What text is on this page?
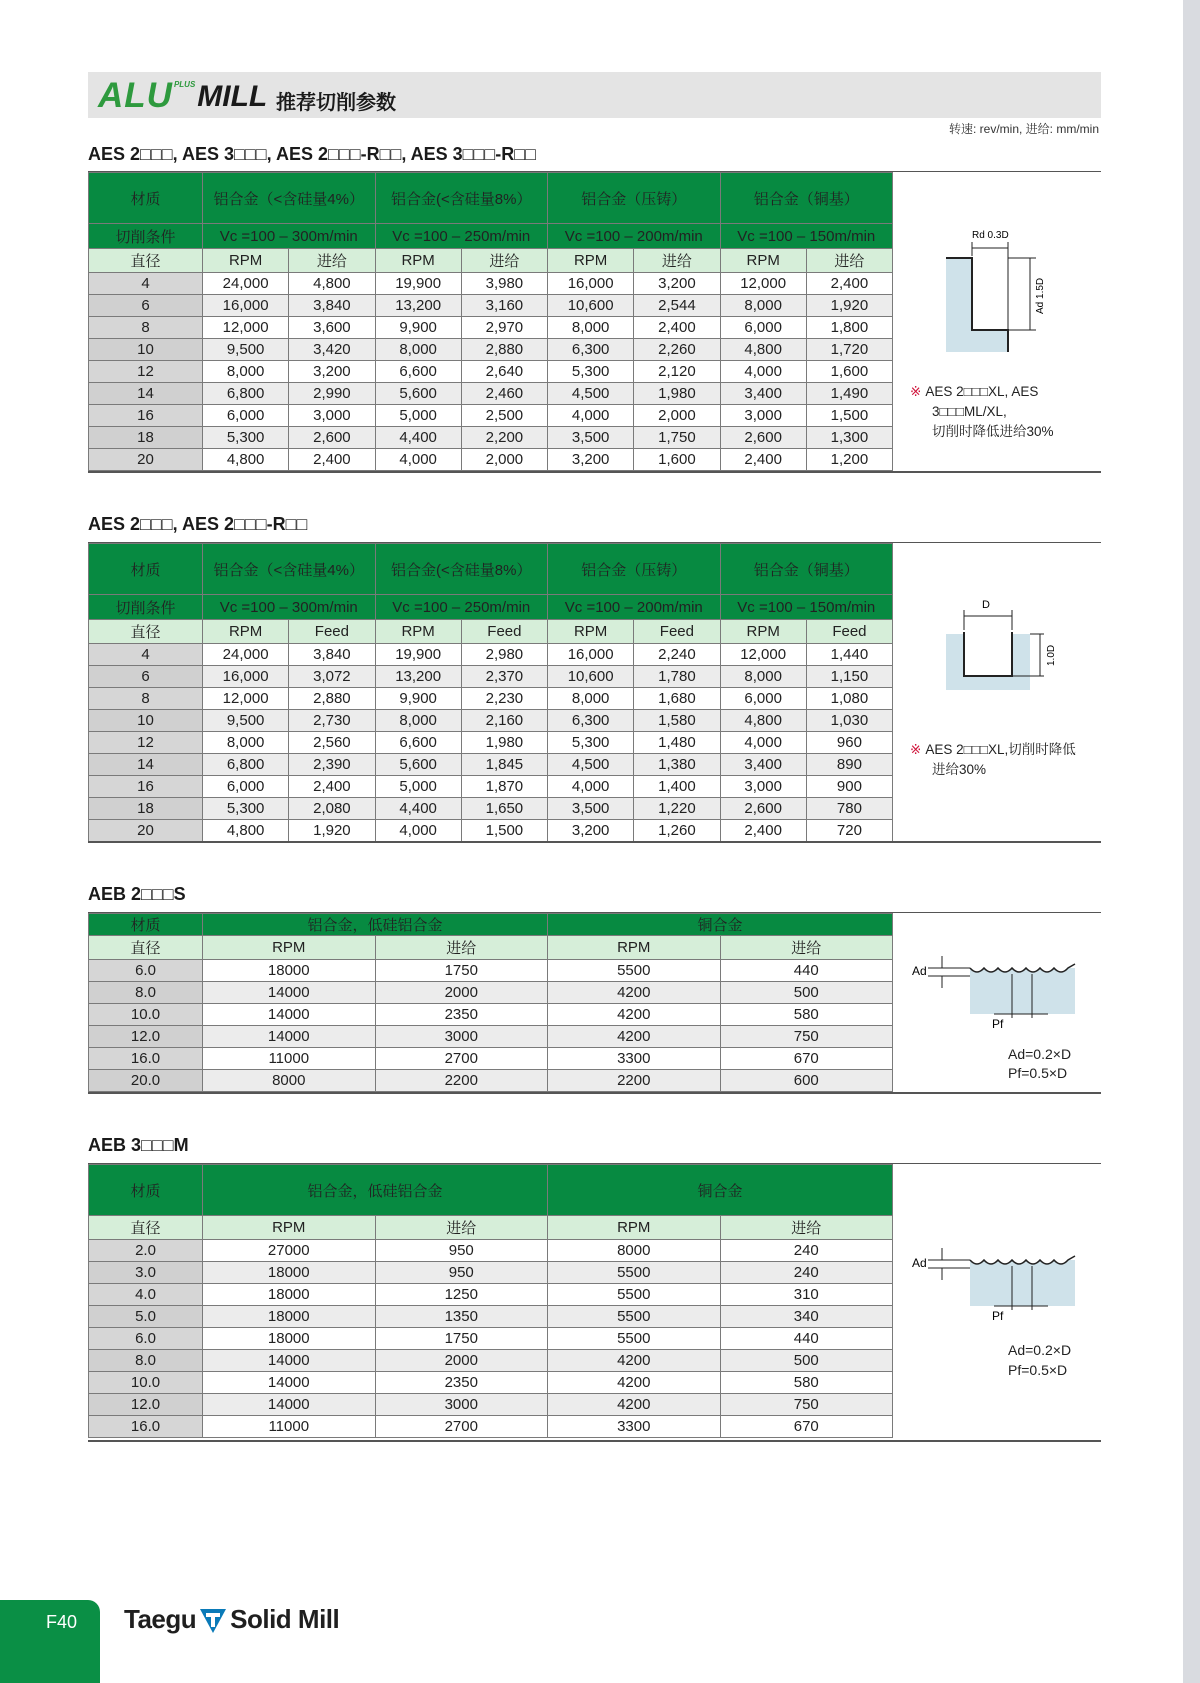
ALU PLUS MILL 推荐切削参数
转速: rev/min, 进给: mm/min
AES 2□□□, AES 3□□□, AES 2□□□-R□□, AES 3□□□-R□□
材质	铝合金（<含硅量4%）		铝合金(<含硅量8%）		铝合金（压铸）		铝合金（铜基）	
切削条件	Vc =100 – 300m/min		Vc =100 – 250m/min		Vc =100 – 200m/min		Vc =100 – 150m/min	
直径	RPM	进给	RPM	进给	RPM	进给	RPM	进给
4	24,000	4,800	19,900	3,980	16,000	3,200	12,000	2,400
6	16,000	3,840	13,200	3,160	10,600	2,544	8,000	1,920
8	12,000	3,600	9,900	2,970	8,000	2,400	6,000	1,800
10	9,500	3,420	8,000	2,880	6,300	2,260	4,800	1,720
12	8,000	3,200	6,600	2,640	5,300	2,120	4,000	1,600
14	6,800	2,990	5,600	2,460	4,500	1,980	3,400	1,490
16	6,000	3,000	5,000	2,500	4,000	2,000	3,000	1,500
18	5,300	2,600	4,400	2,200	3,500	1,750	2,600	1,300
20	4,800	2,400	4,000	2,000	3,200	1,600	2,400	1,200
Rd 0.3D
Ad 1.5D
※ AES 2□□□XL, AES
3□□□ML/XL,
切削时降低进给30%
AES 2□□□, AES 2□□□-R□□
材质	铝合金（<含硅量4%）		铝合金(<含硅量8%）		铝合金（压铸）		铝合金（铜基）	
切削条件	Vc =100 – 300m/min		Vc =100 – 250m/min		Vc =100 – 200m/min		Vc =100 – 150m/min	
直径	RPM	Feed	RPM	Feed	RPM	Feed	RPM	Feed
4	24,000	3,840	19,900	2,980	16,000	2,240	12,000	1,440
6	16,000	3,072	13,200	2,370	10,600	1,780	8,000	1,150
8	12,000	2,880	9,900	2,230	8,000	1,680	6,000	1,080
10	9,500	2,730	8,000	2,160	6,300	1,580	4,800	1,030
12	8,000	2,560	6,600	1,980	5,300	1,480	4,000	960
14	6,800	2,390	5,600	1,845	4,500	1,380	3,400	890
16	6,000	2,400	5,000	1,870	4,000	1,400	3,000	900
18	5,300	2,080	4,400	1,650	3,500	1,220	2,600	780
20	4,800	1,920	4,000	1,500	3,200	1,260	2,400	720
D
1.0D
※ AES 2□□□XL,切削时降低
进给30%
AEB 2□□□S
材质	铝合金，低硅铝合金		铜合金	
直径	RPM	进给	RPM	进给
6.0	18000	1750	5500	440
8.0	14000	2000	4200	500
10.0	14000	2350	4200	580
12.0	14000	3000	4200	750
16.0	11000	2700	3300	670
20.0	8000	2200	2200	600
Ad
Pf
Ad=0.2×D
Pf=0.5×D
AEB 3□□□M
材质	铝合金，低硅铝合金		铜合金	
直径	RPM	进给	RPM	进给
2.0	27000	950	8000	240
3.0	18000	950	5500	240
4.0	18000	1250	5500	310
5.0	18000	1350	5500	340
6.0	18000	1750	5500	440
8.0	14000	2000	4200	500
10.0	14000	2350	4200	580
12.0	14000	3000	4200	750
16.0	11000	2700	3300	670
Ad
Pf
Ad=0.2×D
Pf=0.5×D
F40 Taegu Solid Mill
